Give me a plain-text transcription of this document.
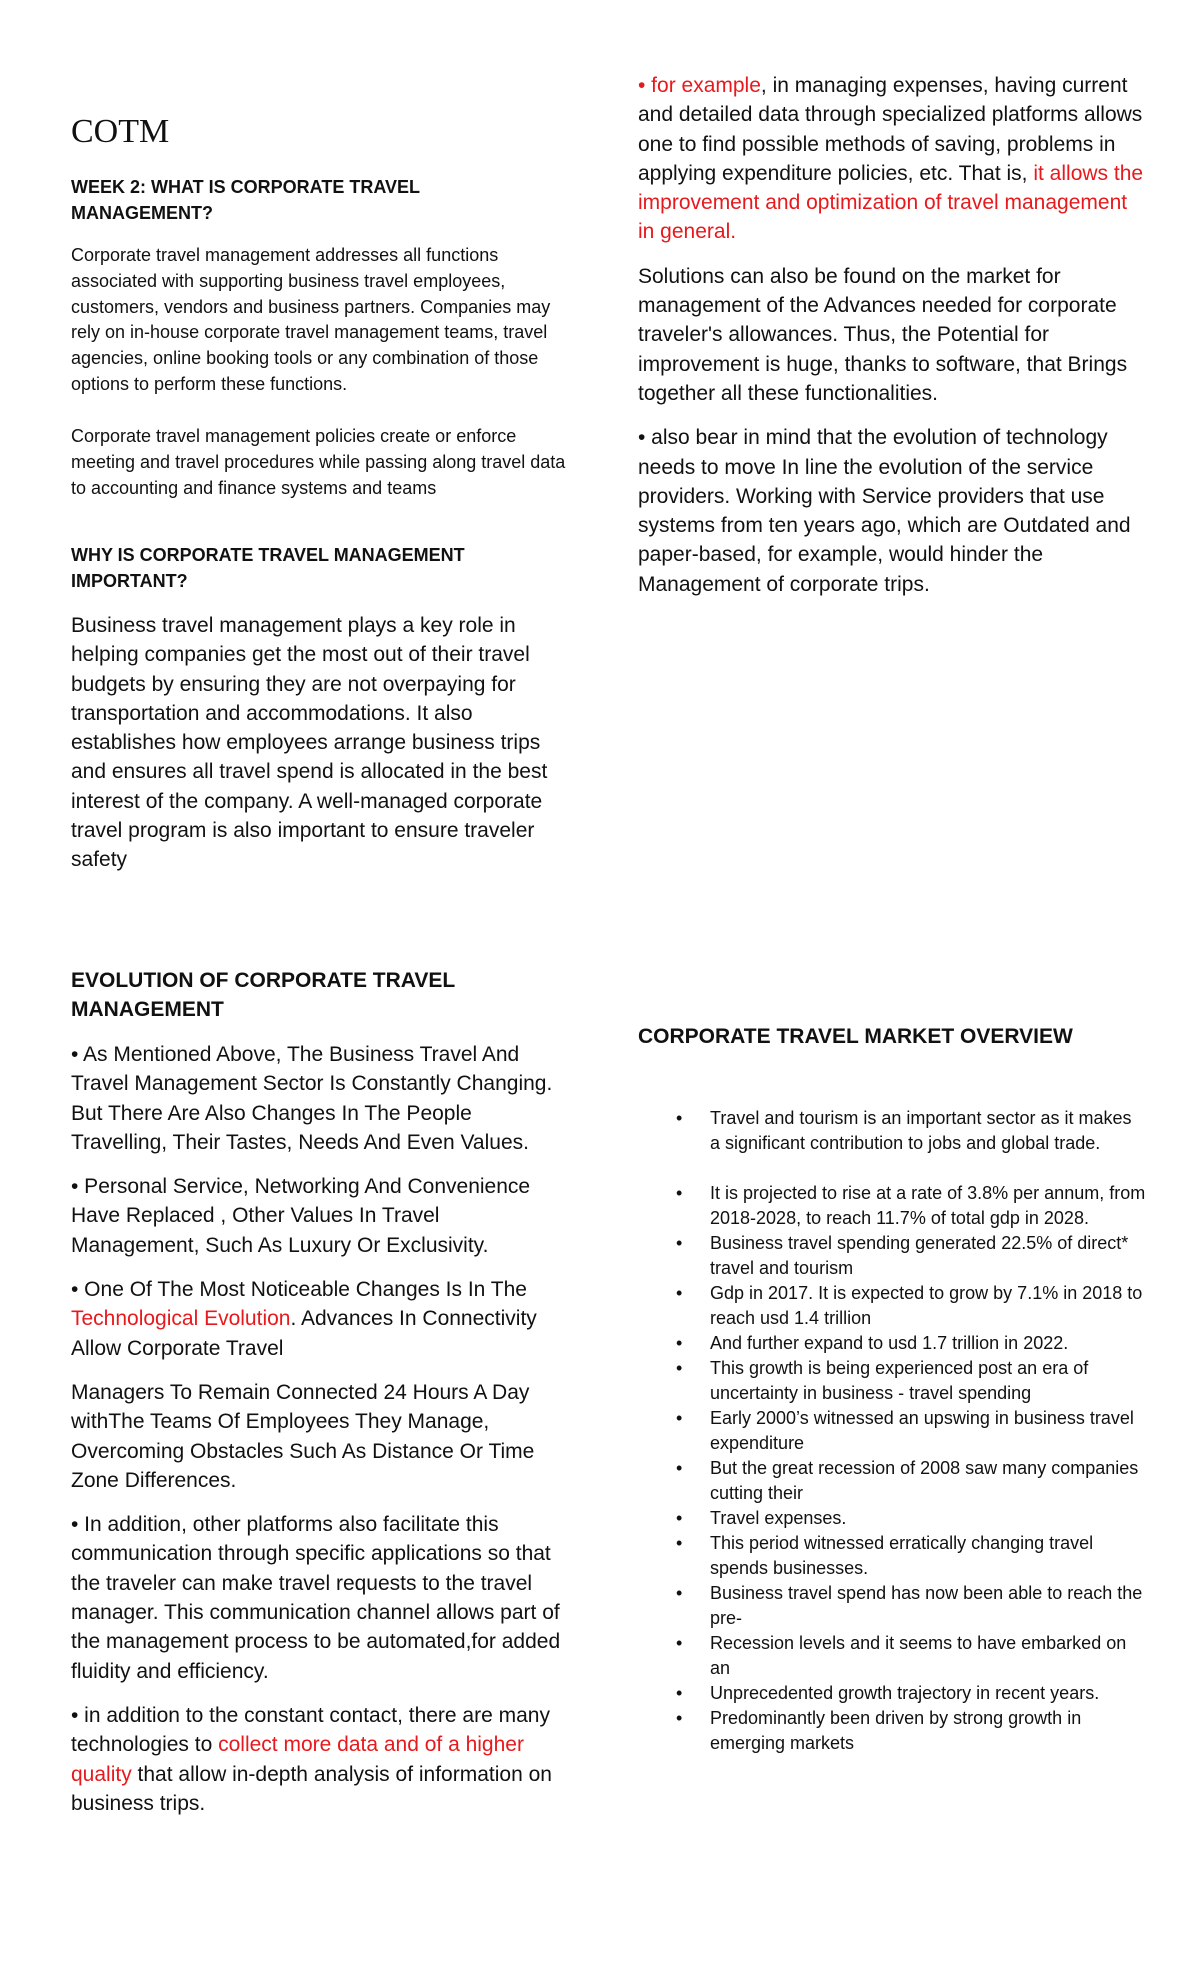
COTM
WEEK 2: WHAT IS CORPORATE TRAVEL MANAGEMENT?

Corporate travel management addresses all functions associated with supporting business travel employees, customers, vendors and business partners. Companies may rely on in-house corporate travel management teams, travel agencies, online booking tools or any combination of those options to perform these functions.

Corporate travel management policies create or enforce meeting and travel procedures while passing along travel data to accounting and finance systems and teams

WHY IS CORPORATE TRAVEL MANAGEMENT IMPORTANT?

Business travel management plays a key role in helping companies get the most out of their travel budgets by ensuring they are not overpaying for transportation and accommodations. It also establishes how employees arrange business trips and ensures all travel spend is allocated in the best interest of the company. A well-managed corporate travel program is also important to ensure traveler safety

EVOLUTION OF CORPORATE TRAVEL MANAGEMENT

• As Mentioned Above, The Business Travel And Travel Management Sector Is Constantly Changing. But There Are Also Changes In The People Travelling, Their Tastes, Needs And Even Values.

• Personal Service, Networking And Convenience Have Replaced , Other Values In Travel Management, Such As Luxury Or Exclusivity.

• One Of The Most Noticeable Changes Is In The Technological Evolution. Advances In Connectivity Allow Corporate Travel

Managers To Remain Connected 24 Hours A Day withThe Teams Of Employees They Manage, Overcoming Obstacles Such As Distance Or Time Zone Differences.

• In addition, other platforms also facilitate this communication through specific applications so that the traveler can make travel requests to the travel manager. This communication channel allows part of the management process to be automated,for added fluidity and efficiency.

• in addition to the constant contact, there are many technologies to collect more data and of a higher quality that allow in-depth analysis of information on business trips.

• for example, in managing expenses, having current and detailed data through specialized platforms allows one to find possible methods of saving, problems in applying expenditure policies, etc. That is, it allows the improvement and optimization of travel management in general.

Solutions can also be found on the market for management of the Advances needed for corporate traveler's allowances. Thus, the Potential for improvement is huge, thanks to software, that Brings together all these functionalities.

• also bear in mind that the evolution of technology needs to move In line the evolution of the service providers. Working with Service providers that use systems from ten years ago, which are Outdated and paper-based, for example, would hinder the Management of corporate trips.

CORPORATE TRAVEL MARKET OVERVIEW
• Travel and tourism is an important sector as it makes a significant contribution to jobs and global trade.
• It is projected to rise at a rate of 3.8% per annum, from 2018-2028, to reach 11.7% of total gdp in 2028.
• Business travel spending generated 22.5% of direct* travel and tourism
• Gdp in 2017. It is expected to grow by 7.1% in 2018 to reach usd 1.4 trillion
• And further expand to usd 1.7 trillion in 2022.
• This growth is being experienced post an era of uncertainty in business - travel spending
• Early 2000’s witnessed an upswing in business travel expenditure
• But the great recession of 2008 saw many companies cutting their
• Travel expenses.
• This period witnessed erratically changing travel spends businesses.
• Business travel spend has now been able to reach the pre-
• Recession levels and it seems to have embarked on an
• Unprecedented growth trajectory in recent years.
• Predominantly been driven by strong growth in emerging markets
